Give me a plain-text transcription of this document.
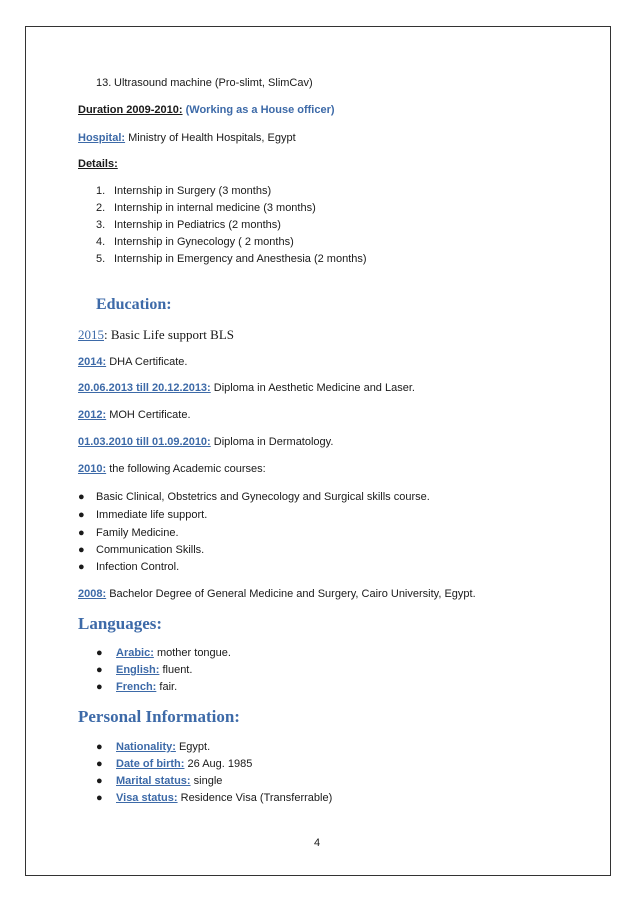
13. Ultrasound machine (Pro-slimt, SlimCav)
Duration 2009-2010: (Working as a House officer)
Hospital: Ministry of Health Hospitals, Egypt
Details:
1. Internship in Surgery (3 months)
2. Internship in internal medicine (3 months)
3. Internship in Pediatrics (2 months)
4. Internship in Gynecology ( 2 months)
5. Internship in Emergency and Anesthesia (2 months)
Education:
2015: Basic Life support BLS
2014: DHA Certificate.
20.06.2013 till 20.12.2013: Diploma in Aesthetic Medicine and Laser.
2012: MOH Certificate.
01.03.2010 till 01.09.2010: Diploma in Dermatology.
2010: the following Academic courses:
● Basic Clinical, Obstetrics and Gynecology and Surgical skills course.
● Immediate life support.
● Family Medicine.
● Communication Skills.
● Infection Control.
2008: Bachelor Degree of General Medicine and Surgery, Cairo University, Egypt.
Languages:
● Arabic: mother tongue.
● English: fluent.
● French: fair.
Personal Information:
● Nationality: Egypt.
● Date of birth: 26 Aug. 1985
● Marital status: single
● Visa status: Residence Visa (Transferrable)
4
